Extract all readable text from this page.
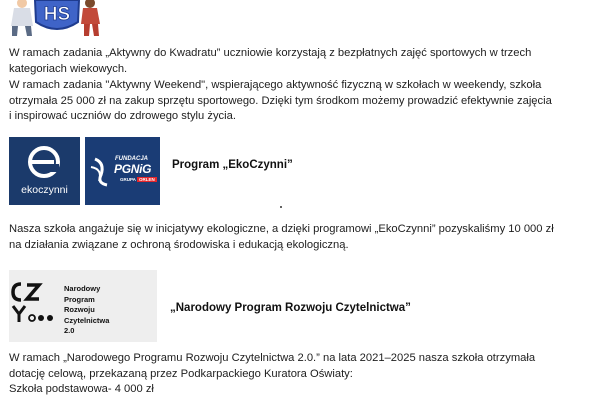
HS
W ramach zadania „Aktywny do Kwadratu” uczniowie korzystają z bezpłatnych zajęć sportowych w trzech
kategoriach wiekowych.
W ramach zadania "Aktywny Weekend", wspierającego aktywność fizyczną w szkołach w weekendy, szkoła
otrzymała 25 000 zł na zakup sprzętu sportowego. Dzięki tym środkom możemy prowadzić efektywnie zajęcia
i inspirować uczniów do zdrowego stylu życia.
ekoczynni
FUNDACJA
PGNiG
GRUPA ORLEN
Program „EkoCzynni”
Nasza szkoła angażuje się w inicjatywy ekologiczne, a dzięki programowi „EkoCzynni” pozyskaliśmy 10 000 zł
na działania związane z ochroną środowiska i edukacją ekologiczną.
Narodowy
Program
Rozwoju
Czytelnictwa
2.0
„Narodowy Program Rozwoju Czytelnictwa”
W ramach „Narodowego Programu Rozwoju Czytelnictwa 2.0.” na lata 2021–2025 nasza szkoła otrzymała
dotację celową, przekazaną przez Podkarpackiego Kuratora Oświaty:
Szkoła podstawowa- 4 000 zł
